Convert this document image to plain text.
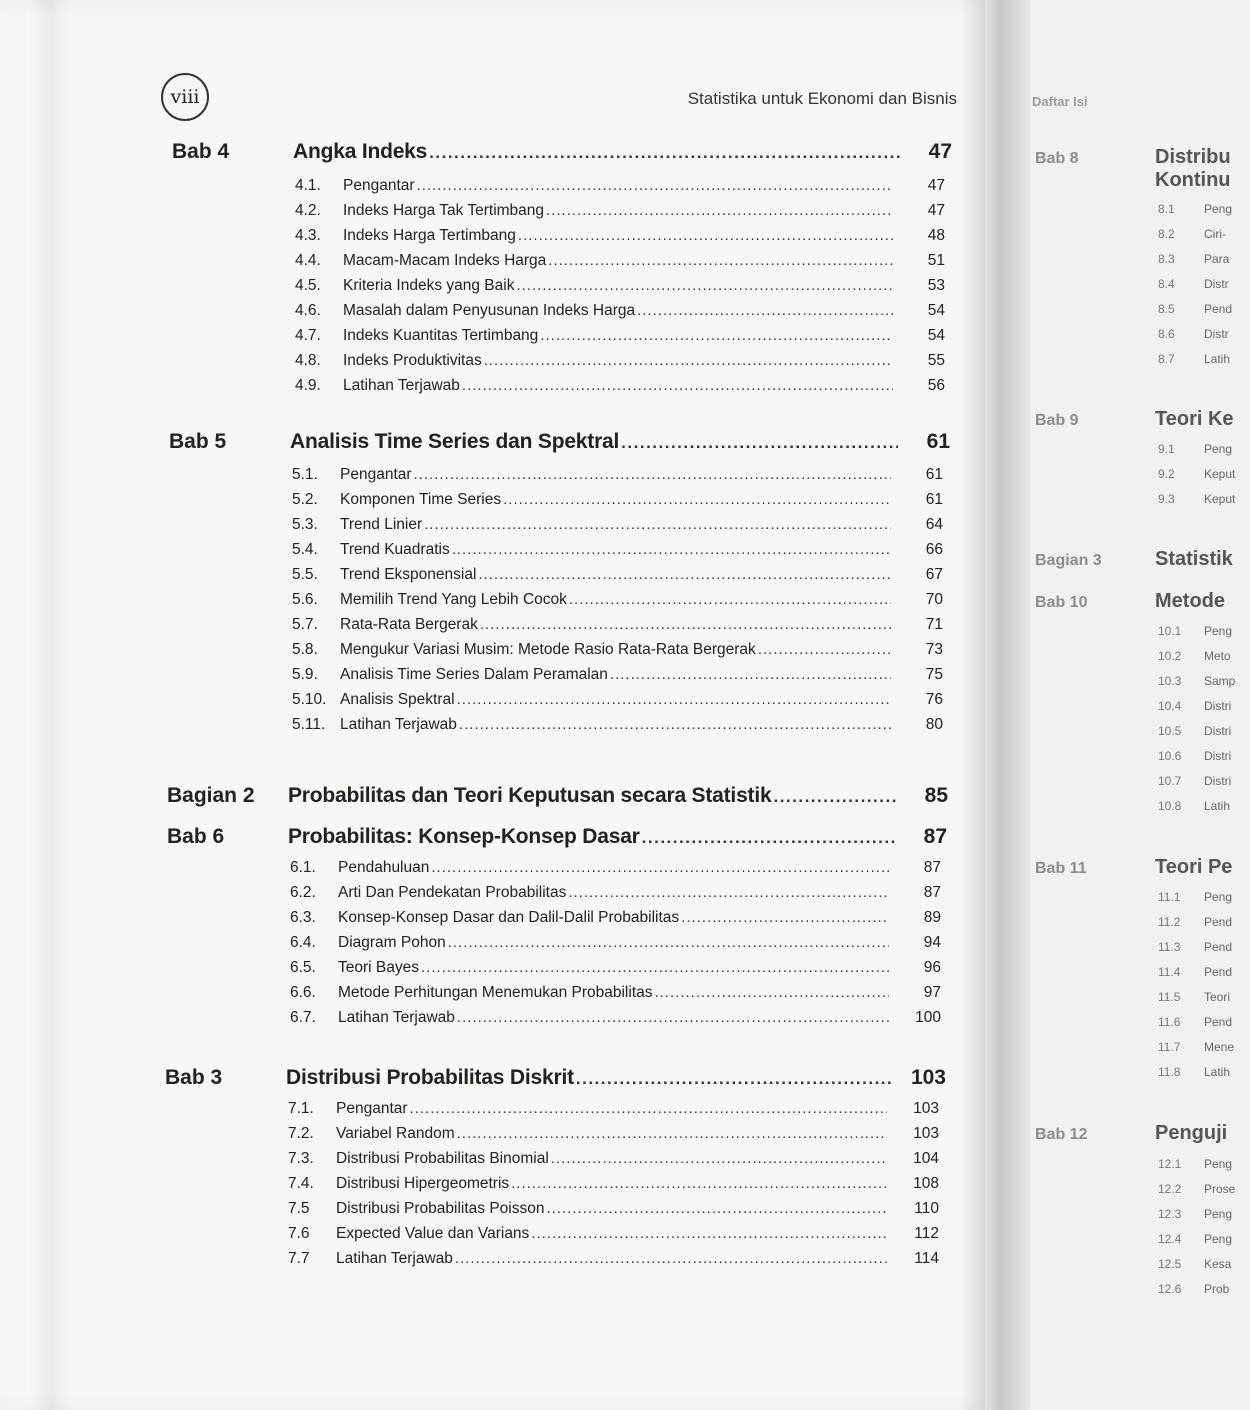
viii	Statistika untuk Ekonomi dan Bisnis
Bab 4	Angka Indeks .....	47
4.1.	Pengantar .....	47
4.2.	Indeks Harga Tak Tertimbang .....	47
4.3.	Indeks Harga Tertimbang .....	48
4.4.	Macam-Macam Indeks Harga .....	51
4.5.	Kriteria Indeks yang Baik .....	53
4.6.	Masalah dalam Penyusunan Indeks Harga .....	54
4.7.	Indeks Kuantitas Tertimbang .....	54
4.8.	Indeks Produktivitas .....	55
4.9.	Latihan Terjawab .....	56
Bab 5	Analisis Time Series dan Spektral .....	61
5.1.	Pengantar .....	61
5.2.	Komponen Time Series .....	61
5.3.	Trend Linier .....	64
5.4.	Trend Kuadratis .....	66
5.5.	Trend Eksponensial .....	67
5.6.	Memilih Trend Yang Lebih Cocok .....	70
5.7.	Rata-Rata Bergerak .....	71
5.8.	Mengukur Variasi Musim: Metode Rasio Rata-Rata Bergerak .....	73
5.9.	Analisis Time Series Dalam Peramalan .....	75
5.10. Analisis Spektral .....	76
5.11. Latihan Terjawab .....	80
Bagian 2	Probabilitas dan Teori Keputusan secara Statistik .....	85
Bab 6	Probabilitas: Konsep-Konsep Dasar .....	87
6.1.	Pendahuluan .....	87
6.2.	Arti Dan Pendekatan Probabilitas .....	87
6.3.	Konsep-Konsep Dasar dan Dalil-Dalil Probabilitas .....	89
6.4.	Diagram Pohon .....	94
6.5.	Teori Bayes .....	96
6.6.	Metode Perhitungan Menemukan Probabilitas .....	97
6.7.	Latihan Terjawab .....	100
Bab 3	Distribusi Probabilitas Diskrit .....	103
7.1.	Pengantar .....	103
7.2.	Variabel Random .....	103
7.3.	Distribusi Probabilitas Binomial .....	104
7.4.	Distribusi Hipergeometris .....	108
7.5	Distribusi Probabilitas Poisson .....	110
7.6	Expected Value dan Varians .....	112
7.7	Latihan Terjawab .....	114
Daftar Isi
Bab 8	Distribu
Kontinu
8.1 Peng
8.2 Ciri-
8.3 Para
8.4 Distr
8.5 Pend
8.6 Distr
8.7 Latih
Bab 9	Teori Ke
9.1 Peng
9.2 Keput
9.3 Keput
Bagian 3	Statistik
Bab 10	Metode
10.1 Peng
10.2 Meto
10.3 Samp
10.4 Distri
10.5 Distri
10.6 Distri
10.7 Distri
10.8 Latih
Bab 11	Teori Pe
11.1 Peng
11.2 Pend
11.3 Pend
11.4 Pend
11.5 Teori
11.6 Pend
11.7 Mene
11.8 Latih
Bab 12	Penguji
12.1 Peng
12.2 Prose
12.3 Peng
12.4 Peng
12.5 Kesa
12.6 Prob
